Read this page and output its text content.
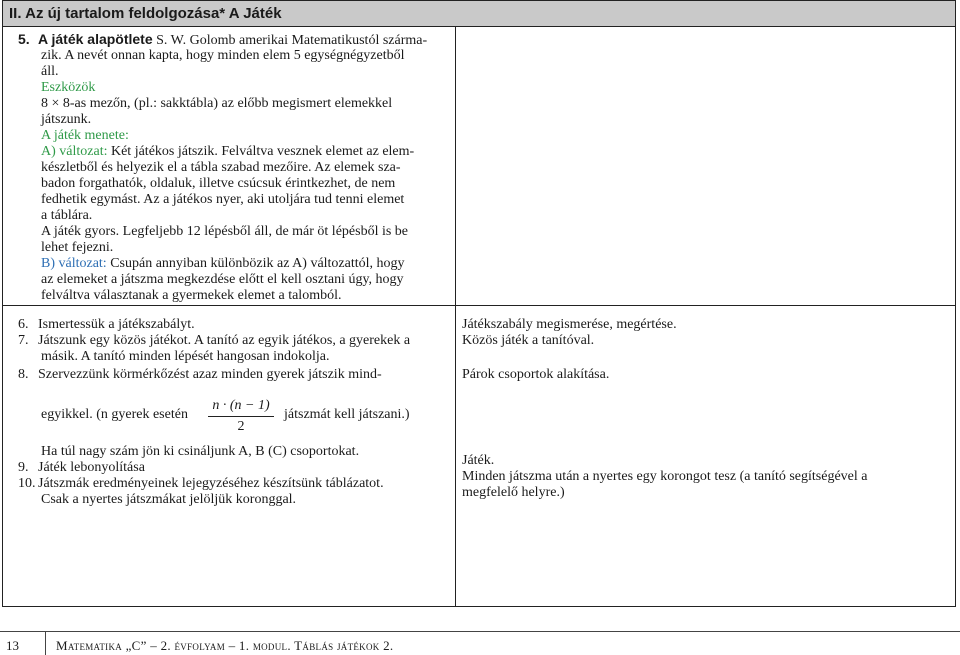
II. Az új tartalom feldolgozása* A Játék
5. A játék alapötlete S. W. Golomb amerikai Matematikustól szárma-
zik. A nevét onnan kapta, hogy minden elem 5 egységnégyzetből
áll.
Eszközök
8 × 8-as mezőn, (pl.: sakktábla) az előbb megismert elemekkel
játszunk.
A játék menete:
A) változat: Két játékos játszik. Felváltva vesznek elemet az elem-
készletből és helyezik el a tábla szabad mezőire. Az elemek sza-
badon forgathatók, oldaluk, illetve csúcsuk érintkezhet, de nem
fedhetik egymást. Az a játékos nyer, aki utoljára tud tenni elemet
a táblára.
A játék gyors. Legfeljebb 12 lépésből áll, de már öt lépésből is be
lehet fejezni.
B) változat: Csupán annyiban különbözik az A) változattól, hogy
az elemeket a játszma megkezdése előtt el kell osztani úgy, hogy
felváltva választanak a gyermekek elemet a talomból.
6. Ismertessük a játékszabályt.
7. Játszunk egy közös játékot. A tanító az egyik játékos, a gyerekek a
másik. A tanító minden lépését hangosan indokolja.
8. Szervezzünk körmérkőzést azaz minden gyerek játszik mind-
Játékszabály megismerése, megértése.
Közös játék a tanítóval.
Párok csoportok alakítása.
egyikkel. (n gyerek esetén
n · (n − 1)
2
játszmát kell játszani.)
Ha túl nagy szám jön ki csináljunk A, B (C) csoportokat.
9. Játék lebonyolítása
10. Játszmák eredményeinek lejegyzéséhez készítsünk táblázatot.
Csak a nyertes játszmákat jelöljük koronggal.
Játék.
Minden játszma után a nyertes egy korongot tesz (a tanító segítségével a
megfelelő helyre.)
13	Matematika „C” – 2. évfolyam – 1. modul. Táblás játékok 2.
